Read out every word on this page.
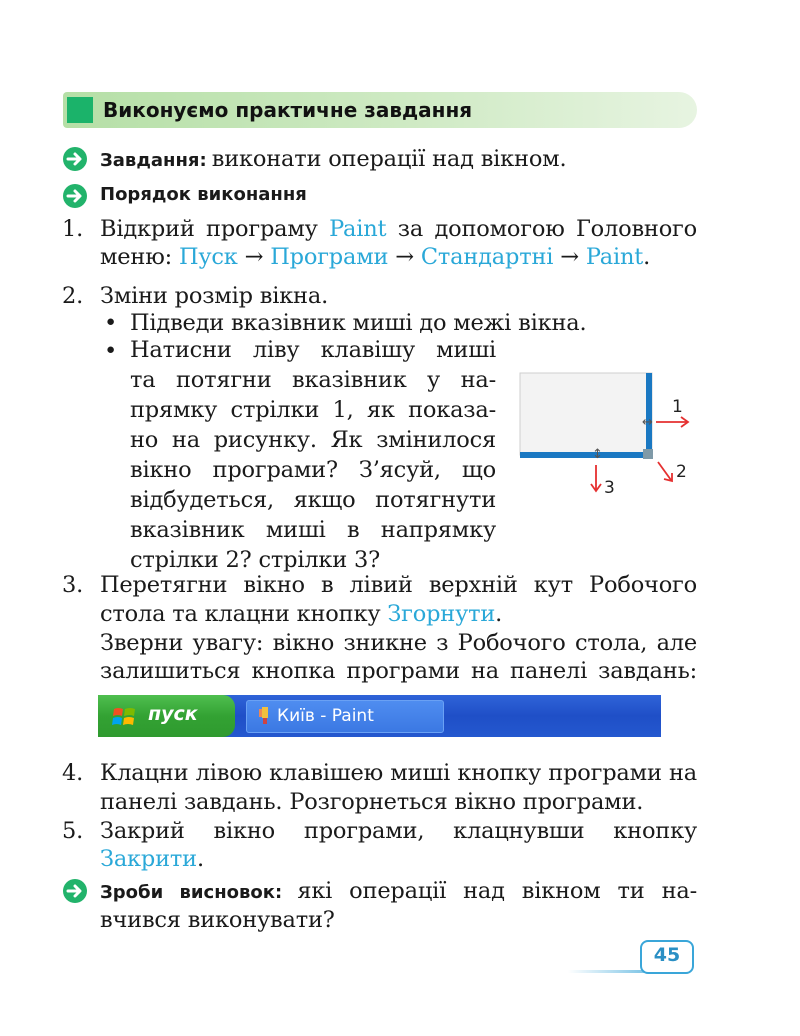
Виконуємо практичне завдання
Завдання: виконати операції над вікном.
Порядок виконання
1. Відкрий програму Paint за допомогою Головного
меню: Пуск → Програми → Стандартні → Paint.
2. Зміни розмір вікна.
• Підведи вказівник миші до межі вікна.
• Натисни ліву клавішу миші
та потягни вказівник у на-
прямку стрілки 1, як показа-
но на рисунку. Як змінилося
вікно програми? З’ясуй, що
відбудеться, якщо потягнути
вказівник миші в напрямку
стрілки 2? стрілки 3?
↔
↕
1
2
3
3. Перетягни вікно в лівий верхній кут Робочого
стола та клацни кнопку Згорнути.
Зверни увагу: вікно зникне з Робочого стола, але
залишиться кнопка програми на панелі завдань:
пуск	Київ - Paint
4. Клацни лівою клавішею миші кнопку програми на
панелі завдань. Розгорнеться вікно програми.
5. Закрий вікно програми, клацнувши кнопку
Закрити.
Зроби висновок: які операції над вікном ти на-
вчився виконувати?
45
